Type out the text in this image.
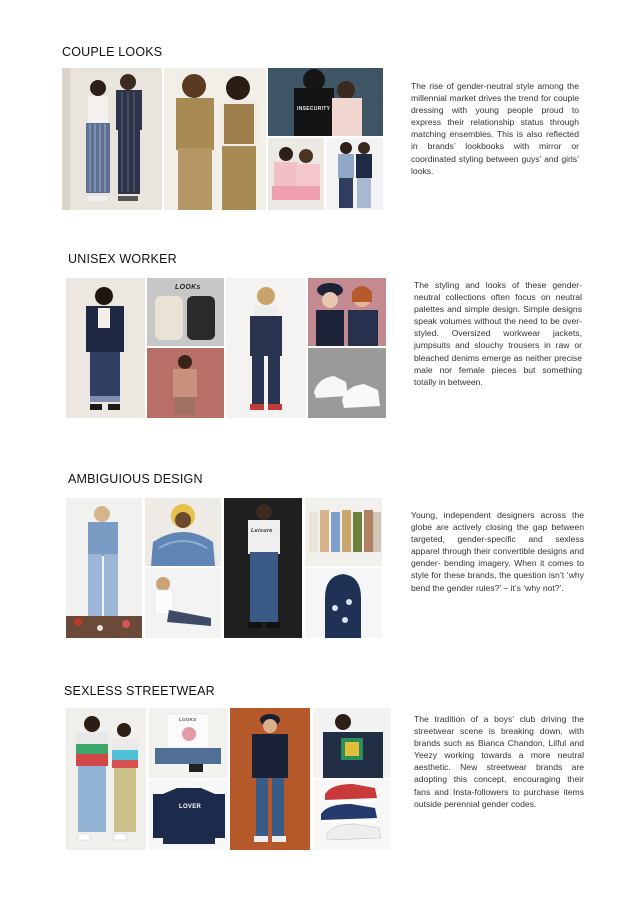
COUPLE LOOKS
INSECURITY
The rise of gender-neutral style among the millennial market drives the trend for couple dressing with young people proud to express their relationship status through matching ensembles. This is also reflected in brands’ lookbooks with mirror or coordinated styling between guys’ and girls’ looks.
UNISEX WORKER
LOOKs	The styling and looks of these gender-neutral collections often focus on neutral palettes and simple design. Simple designs speak volumes without the need to be over-styled. Oversized workwear jackets, jumpsuits and slouchy trousers in raw or bleached denims emerge as neither precise male nor female pieces but something totally in between.
AMBIGUIOUS DESIGN
Leisure
Young, independent designers across the globe are actively closing the gap between targeted, gender-specific and sexless apparel through their convertible designs and gender- bending imagery. When it comes to style for these brands, the question isn’t ‘why bend the gender rules?’ – it’s ‘why not?’.
SEXLESS STREETWEAR
LOOKS
LOVER
The tradition of a boys’ club driving the streetwear scene is breaking down, with brands such as Bianca Chandon, Lilful and Yeezy working towards a more neutral aesthetic. New streetwear brands are adopting this concept, encouraging their fans and Insta-followers to purchase items outside perennial gender codes.
